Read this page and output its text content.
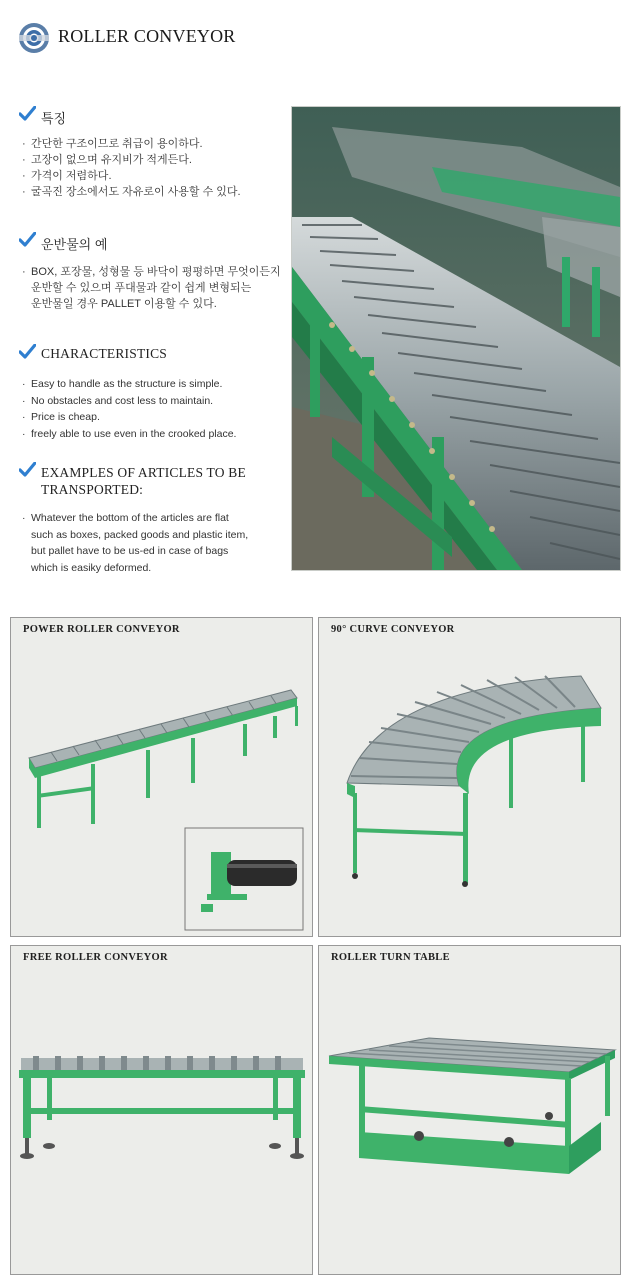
ROLLER CONVEYOR
특징
· 간단한 구조이므로 취급이 용이하다.
· 고장이 없으며 유지비가 적게든다.
· 가격이 저렴하다.
· 굴곡진 장소에서도 자유로이 사용할 수 있다.
운반물의 예
· BOX, 포장물, 성형물 등 바닥이 평평하면 무엇이든지
운반할 수 있으며 푸대물과 같이 쉽게 변형되는
운반물일 경우 PALLET 이용할 수 있다.
CHARACTERISTICS
· Easy to handle as the structure is simple.
· No obstacles and cost less to maintain.
· Price is cheap.
· freely able to use even in the crooked place.
EXAMPLES OF ARTICLES TO BE
TRANSPORTED:
· Whatever the bottom of the articles are flat
such as boxes, packed goods and plastic item,
but pallet have to be us-ed in case of bags
which is easiky deformed.
POWER ROLLER CONVEYOR	90° CURVE CONVEYOR
FREE ROLLER CONVEYOR	ROLLER TURN TABLE
